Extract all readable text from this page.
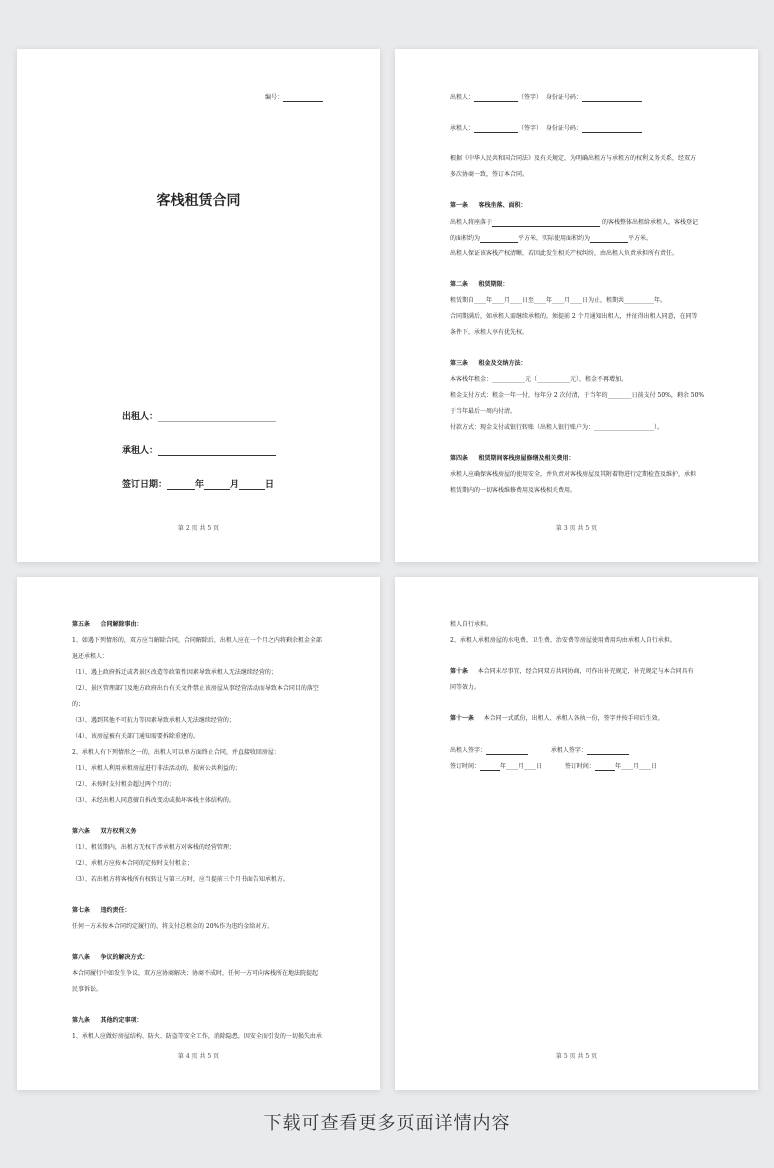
编号：
客栈租赁合同
出租人：
承租人：
签订日期：	年	月	日
第 2 页 共 5 页
出租人：	（签字） 身份证号码：
承租人：	（签字） 身份证号码：
根据《中华人民共和国合同法》及有关规定，为明确出租方与承租方的权利义务关系，经双方
多次协商一致，签订本合同。
第一条 客栈坐落、面积：
出租人将座落于	的客栈整体出租给承租人，客栈登记
的面积约为	平方米，实际使用面积约为	平方米。
出租人保证该客栈产权清晰，若因此发生相关产权纠纷，由出租人负责承担所有责任。
第二条 租赁期限：
租赁期自____年____月____日至____年____月____日为止，租期共__________年。
合同期满后，如承租人需继续承租的，须提前 2 个月通知出租人，并征得出租人同意，在同等
条件下，承租人享有优先权。
第三条 租金及交纳方法：
本客栈年租金：___________元（___________元），租金不再增加。
租金支付方式：租金一年一付，每年分 2 次付清，于当年的________日前支付 50%，剩余 50%
于当年最后一周内付清。
付款方式：现金支付或银行转账（出租人银行账户为：____________________）。
第四条 租赁期间客栈房屋修缮及相关费用：
承租人应确保客栈房屋的使用安全，并负责对客栈房屋及其附着物进行定期检查及维护，承担
租赁期内的一切客栈维修费用及客栈相关费用。
第 3 页 共 5 页
第五条 合同解除事由：
1、如遇下列情形的，双方应当解除合同，合同解除后，出租人应在一个月之内将剩余租金全部
退还承租人：
（1）、遇上政府拆迁或者景区改造等政策性因素导致承租人无法继续经营的；
（2）、景区管理部门及地方政府出台有关文件禁止该房屋从事经营活动而导致本合同目的落空
的；
（3）、遇到其他不可抗力等因素导致承租人无法继续经营的；
（4）、该房屋被有关部门通知需要拆除重建的。
2、承租人有下列情形之一的，出租人可以单方面终止合同，并直接收回房屋：
（1）、承租人利用承租房屋进行非法活动的，损害公共利益的；
（2）、未按时支付租金超过两个月的；
（3）、未经出租人同意擅自拆改变动或损坏客栈主体结构的。
第六条 双方权利义务
（1）、租赁期内，出租方无权干涉承租方对客栈的经营管理；
（2）、承租方应按本合同的定按时支付租金；
（3）、若出租方将客栈所有权转让与第三方时，应当提前三个月书面告知承租方。
第七条 违约责任：
任何一方未按本合同约定履行的，将支付总租金的 20%作为违约金给对方。
第八条 争议的解决方式：
本合同履行中如发生争议，双方应协商解决；协商不成时，任何一方可向客栈所在地法院提起
民事诉讼。
第九条 其他约定事项：
1、承租人应做好房屋结构、防火、防盗等安全工作，消除隐患，因安全而引发的一切损失由承
第 4 页 共 5 页
租人自行承担。
2、承租人承租房屋的水电费、卫生费、治安费等房屋使用费用均由承租人自行承担。
第十条 本合同未尽事宜，经合同双方共同协商，可作出补充规定，补充规定与本合同具有
同等效力。
第十一条 本合同一式贰份，出租人、承租人各执一份，签字并按手印后生效。
出租人签字：	承租人签字：
签订时间：	年____月____日	签订时间：	年____月____日
第 5 页 共 5 页
下载可查看更多页面详情内容
